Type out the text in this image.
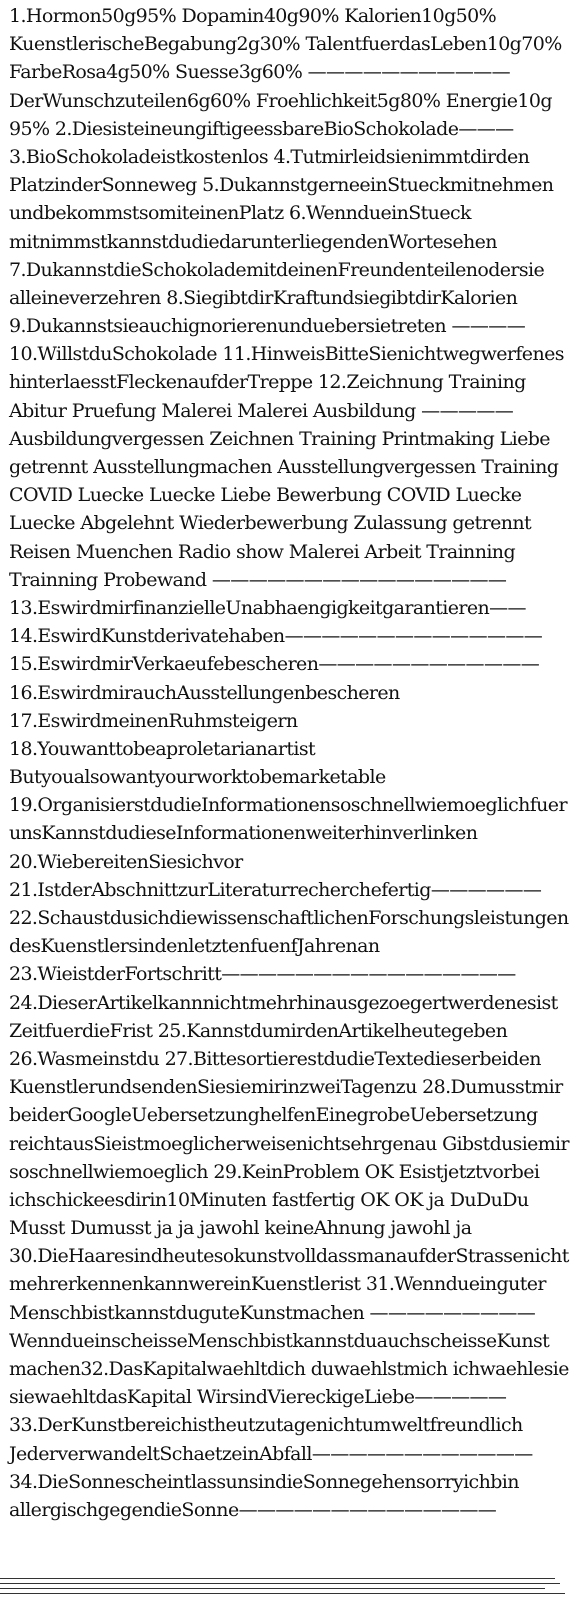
1.Hormon50g95% Dopamin40g90% Kalorien10g50%
KuenstlerischeBegabung2g30% TalentfuerdasLeben10g70%
FarbeRosa4g50% Suesse3g60% ———————————
DerWunschzuteilen6g60% Froehlichkeit5g80% Energie10g
95% 2.DiesisteineungiftigeessbareBioSchokolade———
3.BioSchokoladeistkostenlos 4.Tutmirleidsienimmtdirden
PlatzinderSonneweg 5.DukannstgerneeinStueckmitnehmen
undbekommstsomiteinenPlatz 6.WenndueinStueck
mitnimmstkannstdudiedarunterliegendenWortesehen
7.DukannstdieSchokolademitdeinenFreundenteilenodersie
alleineverzehren 8.SiegibtdirKraftundsiegibtdirKalorien
9.Dukannstsieauchignorierenunduebersietreten ————
10.WillstduSchokolade 11.HinweisBitteSienichtwegwerfenes
hinterlaesstFleckenaufderTreppe 12.Zeichnung Training
Abitur Pruefung Malerei Malerei Ausbildung —————
Ausbildungvergessen Zeichnen Training Printmaking Liebe
getrennt Ausstellungmachen Ausstellungvergessen Training
COVID Luecke Luecke Liebe Bewerbung COVID Luecke
Luecke Abgelehnt Wiederbewerbung Zulassung getrennt
Reisen Muenchen Radio show Malerei Arbeit Trainning
Trainning Probewand ————————————————
13.EswirdmirfinanzielleUnabhaengigkeitgarantieren——
14.EswirdKunstderivatehaben——————————————
15.EswirdmirVerkaeufebescheren————————————
16.EswirdmirauchAusstellungenbescheren
17.EswirdmeinenRuhmsteigern
18.Youwanttobeaproletarianartist
Butyoualsowantyourworktobemarketable
19.OrganisierstdudieInformationensoschnellwiemoeglichfuer
unsKannstdudieseInformationenweiterhinverlinken
20.WiebereitenSiesichvor
21.IstderAbschnittzurLiteraturrecherchefertig——————
22.SchaustdusichdiewissenschaftlichenForschungsleistungen
desKuenstlersindenletztenfuenfJahrenan
23.WieistderFortschritt————————————————
24.DieserArtikelkannnichtmehrhinausgezoegertwerdenesist
ZeitfuerdieFrist 25.KannstdumirdenArtikelheutegeben
26.Wasmeinstdu 27.BittesortierestdudieTextedieserbeiden
KuenstlerundsendenSiesiemirinzweiTagenzu 28.Dumusstmir
beiderGoogleUebersetzunghelfenEinegrobeUebersetzung
reichtausSieistmoeglicherweisenichtsehrgenau Gibstdusiemir
soschnellwiemoeglich 29.KeinProblem OK Esistjetztvorbei
ichschickeesdirin10Minuten fastfertig OK OK ja DuDuDu
Musst Dumusst ja ja jawohl keineAhnung jawohl ja
30.DieHaaresindheutesokunstvolldassmanaufderStrassenicht
mehrerkennenkannwereinKuenstlerist 31.Wenndueinguter
MenschbistkannstduguteKunstmachen —————————
WenndueinscheisseMenschbistkannstduauchscheisseKunst
machen32.DasKapitalwaehltdich duwaehlstmich ichwaehlesie
siewaehltdasKapital WirsindViereckigeLiebe—————
33.DerKunstbereichistheutzutagenichtumweltfreundlich
JederverwandeltSchaetzeinAbfall————————————
34.DieSonnescheintlassunsindieSonnegehensorryichbin
allergischgegendieSonne——————————————
